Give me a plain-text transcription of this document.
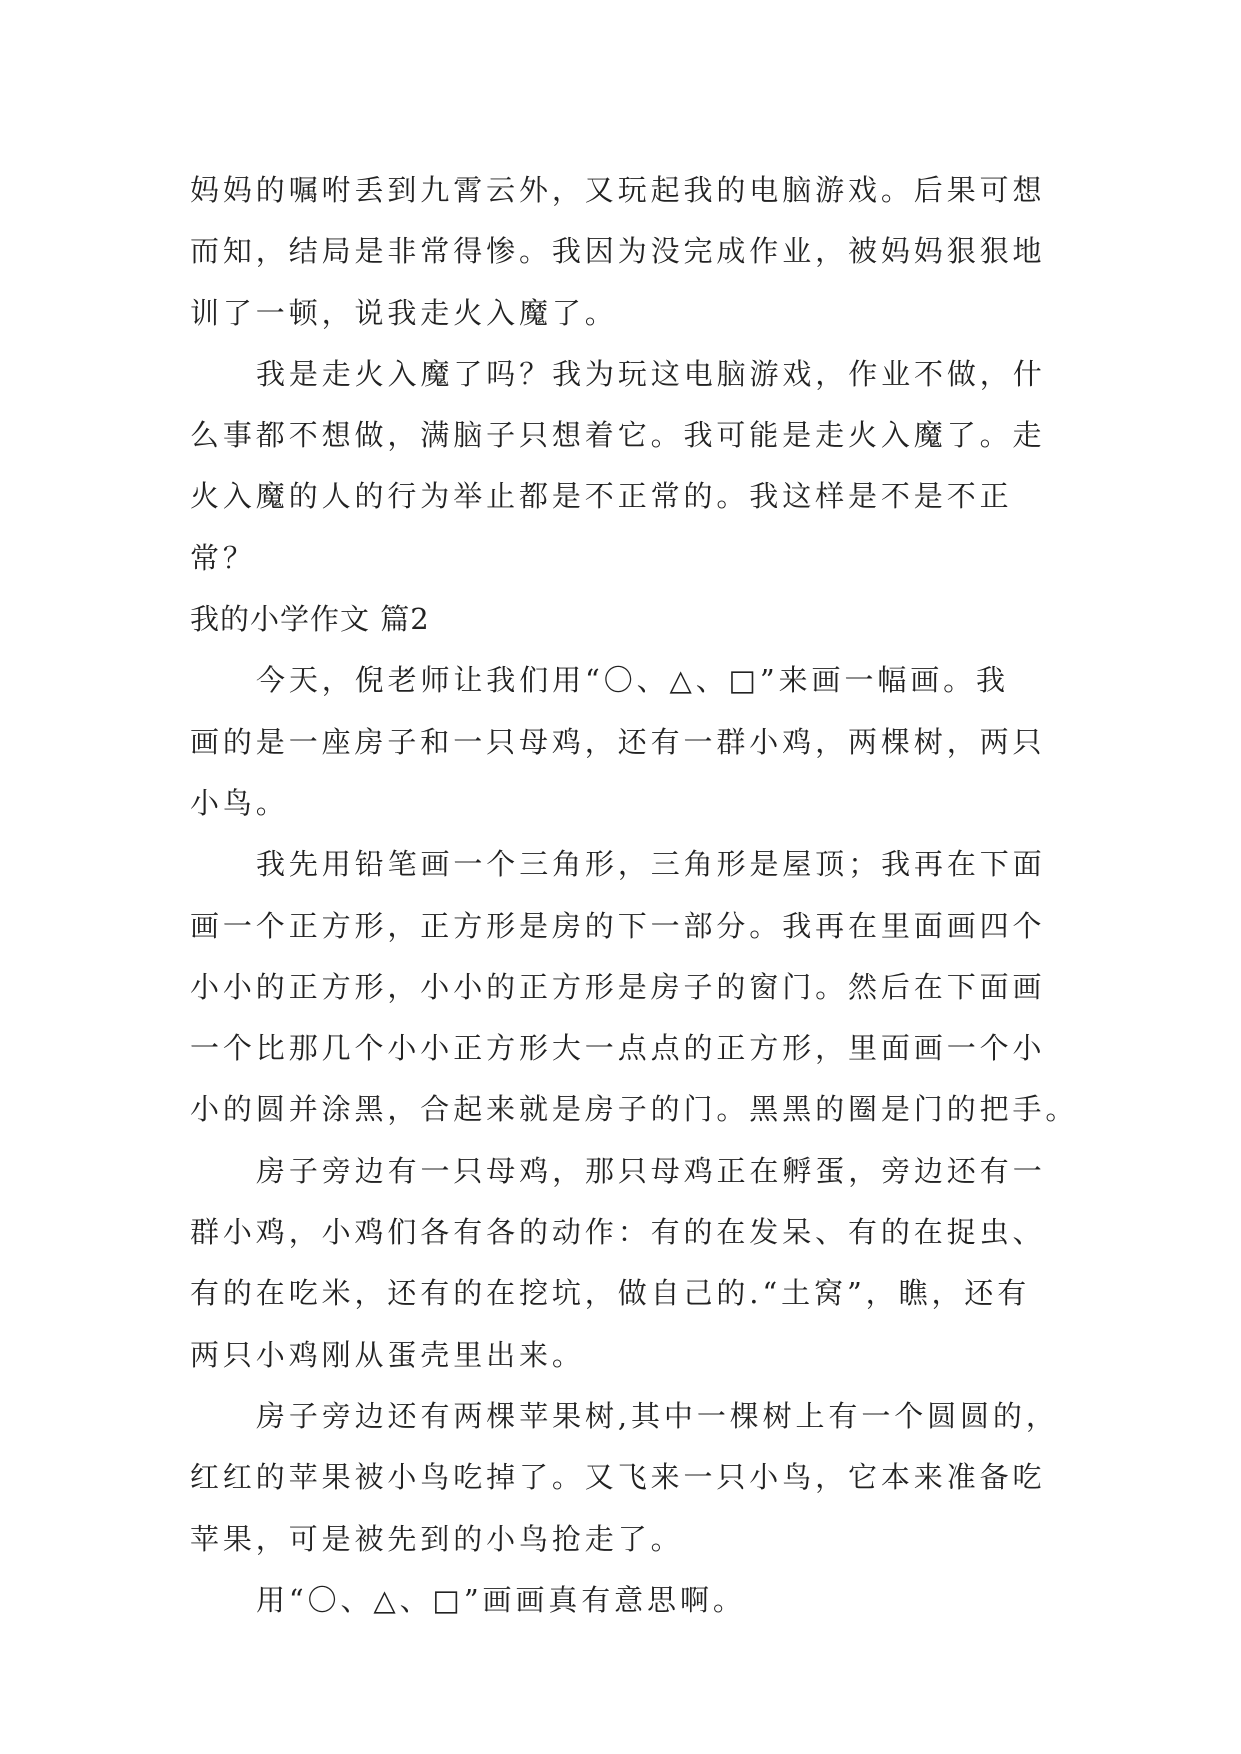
妈妈的嘱咐丢到九霄云外，又玩起我的电脑游戏。后果可想
而知，结局是非常得惨。我因为没完成作业，被妈妈狠狠地
训了一顿，说我走火入魔了。
我是走火入魔了吗？我为玩这电脑游戏，作业不做，什
么事都不想做，满脑子只想着它。我可能是走火入魔了。走
火入魔的人的行为举止都是不正常的。我这样是不是不正
常？
我的小学作文 篇2
今天，倪老师让我们用“〇、△、□”来画一幅画。我
画的是一座房子和一只母鸡，还有一群小鸡，两棵树，两只
小鸟。
我先用铅笔画一个三角形，三角形是屋顶；我再在下面
画一个正方形，正方形是房的下一部分。我再在里面画四个
小小的正方形，小小的正方形是房子的窗门。然后在下面画
一个比那几个小小正方形大一点点的正方形，里面画一个小
小的圆并涂黑，合起来就是房子的门。黑黑的圈是门的把手。
房子旁边有一只母鸡，那只母鸡正在孵蛋，旁边还有一
群小鸡，小鸡们各有各的动作：有的在发呆、有的在捉虫、
有的在吃米，还有的在挖坑，做自己的.“土窝”，瞧，还有
两只小鸡刚从蛋壳里出来。
房子旁边还有两棵苹果树,其中一棵树上有一个圆圆的，
红红的苹果被小鸟吃掉了。又飞来一只小鸟，它本来准备吃
苹果，可是被先到的小鸟抢走了。
用“〇、△、□”画画真有意思啊。
